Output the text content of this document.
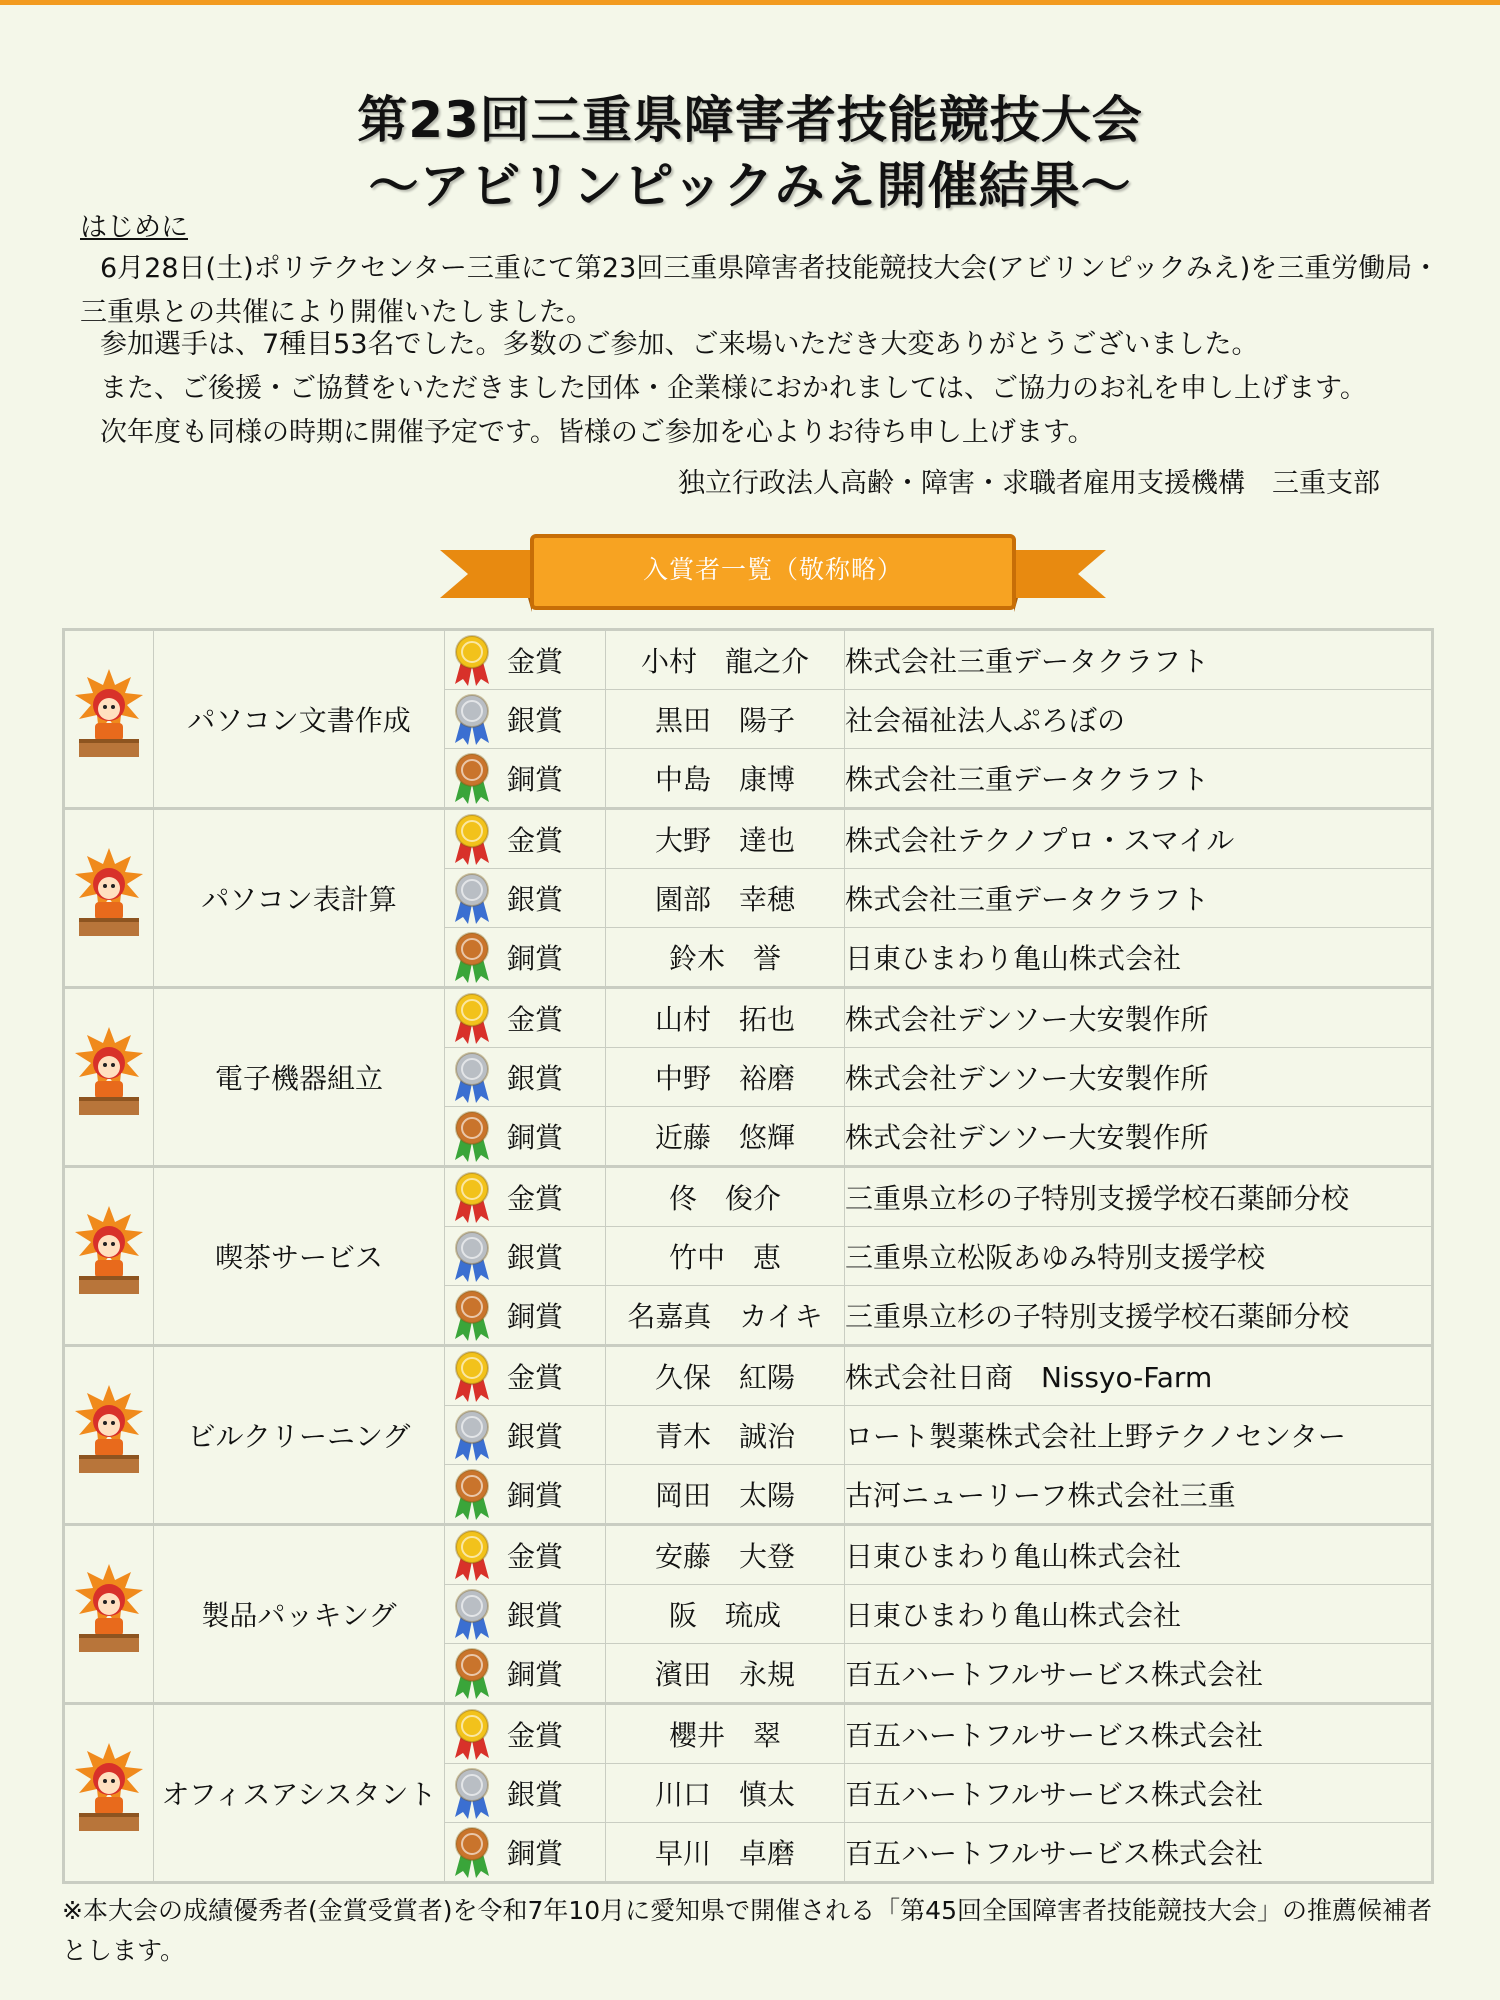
第23回三重県障害者技能競技大会
～アビリンピックみえ開催結果～
はじめに
6月28日(土)ポリテクセンター三重にて第23回三重県障害者技能競技大会(アビリンピックみえ)を三重労働局・三重県との共催により開催いたしました。
参加選手は、7種目53名でした。多数のご参加、ご来場いただき大変ありがとうございました。
また、ご後援・ご協賛をいただきました団体・企業様におかれましては、ご協力のお礼を申し上げます。
次年度も同様の時期に開催予定です。皆様のご参加を心よりお待ち申し上げます。
独立行政法人高齢・障害・求職者雇用支援機構　三重支部
入賞者一覧（敬称略）
	パソコン文書作成	金賞	小村　龍之介	株式会社三重データクラフト

		銀賞	黒田　陽子	社会福祉法人ぷろぼの

		銅賞	中島　康博	株式会社三重データクラフト
	パソコン表計算	金賞	大野　達也	株式会社テクノプロ・スマイル

		銀賞	園部　幸穂	株式会社三重データクラフト

		銅賞	鈴木　誉	日東ひまわり亀山株式会社
	電子機器組立	金賞	山村　拓也	株式会社デンソー大安製作所

		銀賞	中野　裕磨	株式会社デンソー大安製作所

		銅賞	近藤　悠輝	株式会社デンソー大安製作所
	喫茶サービス	金賞	佟　俊介	三重県立杉の子特別支援学校石薬師分校

		銀賞	竹中　恵	三重県立松阪あゆみ特別支援学校

		銅賞	名嘉真　カイキ	三重県立杉の子特別支援学校石薬師分校
	ビルクリーニング	金賞	久保　紅陽	株式会社日商　Nissyo-Farm

		銀賞	青木　誠治	ロート製薬株式会社上野テクノセンター

		銅賞	岡田　太陽	古河ニューリーフ株式会社三重
	製品パッキング	金賞	安藤　大登	日東ひまわり亀山株式会社

		銀賞	阪　琉成	日東ひまわり亀山株式会社

		銅賞	濱田　永規	百五ハートフルサービス株式会社
	オフィスアシスタント	金賞	櫻井　翠	百五ハートフルサービス株式会社

		銀賞	川口　慎太	百五ハートフルサービス株式会社

		銅賞	早川　卓磨	百五ハートフルサービス株式会社
※本大会の成績優秀者(金賞受賞者)を令和7年10月に愛知県で開催される「第45回全国障害者技能競技大会」の推薦候補者とします。
